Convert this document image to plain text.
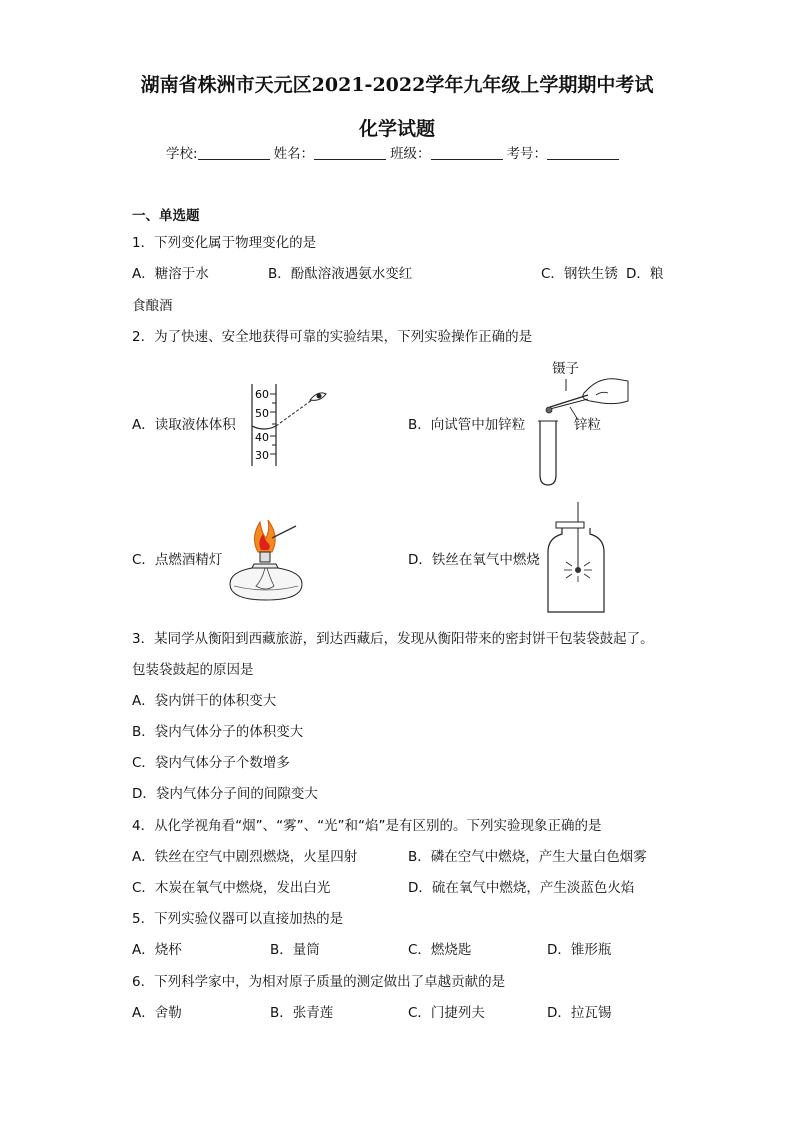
湖南省株洲市天元区2021-2022学年九年级上学期期中考试
化学试题
学校:	姓名：	班级：	考号：
一、单选题
1．下列变化属于物理变化的是
A．糖溶于水	B．酚酞溶液遇氨水变红	C．钢铁生锈 D．粮
食酿酒
2．为了快速、安全地获得可靠的实验结果，下列实验操作正确的是
A．读取液体体积
60
50
40
30
B．向试管中加锌粒
镊子
锌粒
C．点燃酒精灯	D．铁丝在氧气中燃烧
3．某同学从衡阳到西藏旅游，到达西藏后，发现从衡阳带来的密封饼干包装袋鼓起了。
包装袋鼓起的原因是
A．袋内饼干的体积变大
B．袋内气体分子的体积变大
C．袋内气体分子个数增多
D．袋内气体分子间的间隙变大
4．从化学视角看“烟”、“雾”、“光”和“焰”是有区别的。下列实验现象正确的是
A．铁丝在空气中剧烈燃烧，火星四射	B．磷在空气中燃烧，产生大量白色烟雾
C．木炭在氧气中燃烧，发出白光	D．硫在氧气中燃烧，产生淡蓝色火焰
5．下列实验仪器可以直接加热的是
A．烧杯	B．量筒	C．燃烧匙	D．锥形瓶
6．下列科学家中，为相对原子质量的测定做出了卓越贡献的是
A．舍勒	B．张青莲	C．门捷列夫	D．拉瓦锡
